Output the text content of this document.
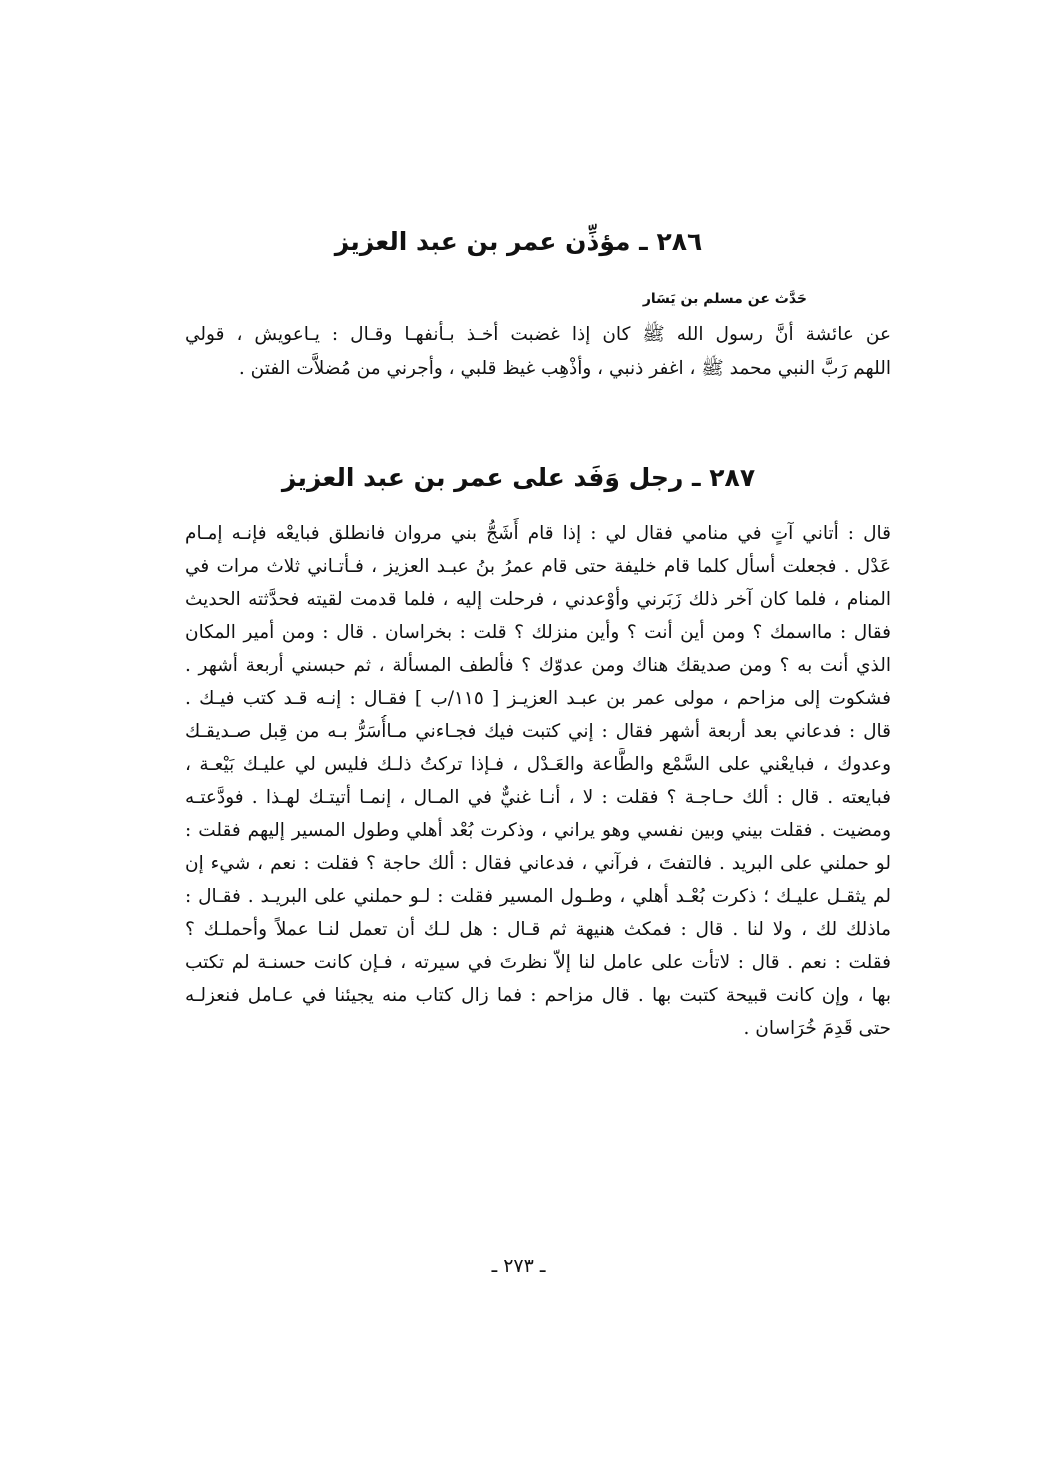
٢٨٦ ـ مؤذِّن عمر بن عبد العزيز
حَدَّث عن مسلم بن يَسَار
عن عائشة أنَّ رسول الله ﷺ كان إذا غضبت أخـذ بـأنفهـا وقـال : يـاعويش ، قولي
اللهم رَبَّ النبي محمد ﷺ ، اغفر ذنبي ، وأذْهِب غيظ قلبي ، وأجرني من مُضلاَّت الفتن .
٢٨٧ ـ رجل وَفَد على عمر بن عبد العزيز
قال : أتاني آتٍ في منامي فقال لي : إذا قام أَشَجُّ بني مروان فانطلق فبايعْه فإنـه إمـام
عَدْل . فجعلت أسأل كلما قام خليفة حتى قام عمرُ بنُ عبـد العزيز ، فـأتـاني ثلاث مرات في
المنام ، فلما كان آخر ذلك زَبَرني وأوْعدني ، فرحلت إليه ، فلما قدمت لقيته فحدَّثته الحديث
فقال : مااسمك ؟ ومن أين أنت ؟ وأين منزلك ؟ قلت : بخراسان . قال : ومن أمير المكان
الذي أنت به ؟ ومن صديقك هناك ومن عدوّك ؟ فألطف المسألة ، ثم حبسني أربعة أشهر .
فشكوت إلى مزاحم ، مولى عمر بن عبـد العزيـز [ ١١٥/ب ] فقـال : إنـه قـد كتب فيـك .
قال : فدعاني بعد أربعة أشهر فقال : إني كتبت فيك فجـاءني مـاأُسَرُّ بـه من قِبل صـديقـك
وعدوك ، فبايعْني على السَّمْع والطَّاعة والعَـدْل ، فـإذا تركتُ ذلـك فليس لي عليـك بَيْعـة ،
فبايعته . قال : ألك حـاجـة ؟ فقلت : لا ، أنـا غنيٌّ في المـال ، إنمـا أتيتـك لهـذا . فودَّعتـه
ومضيت . فقلت بيني وبين نفسي وهو يراني ، وذكرت بُعْد أهلي وطول المسير إليهم فقلت :
لو حملني على البريد . فالتفتَ ، فرآني ، فدعاني فقال : ألك حاجة ؟ فقلت : نعم ، شيء إن
لم يثقـل عليـك ؛ ذكرت بُعْـد أهلي ، وطـول المسير فقلت : لـو حملني على البريـد . فقـال :
ماذلك لك ، ولا لنا . قال : فمكث هنيهة ثم قـال : هل لـك أن تعمل لنـا عملاً وأحملـك ؟
فقلت : نعم . قال : لاتأت على عامل لنا إلاّ نظرتَ في سيرته ، فـإن كانت حسنـة لم تكتب
بها ، وإن كانت قبيحة كتبت بها . قال مزاحم : فما زال كتاب منه يجيئنا في عـامل فنعزلـه
حتى قَدِمَ خُرَاسان .
ـ ٢٧٣ ـ
